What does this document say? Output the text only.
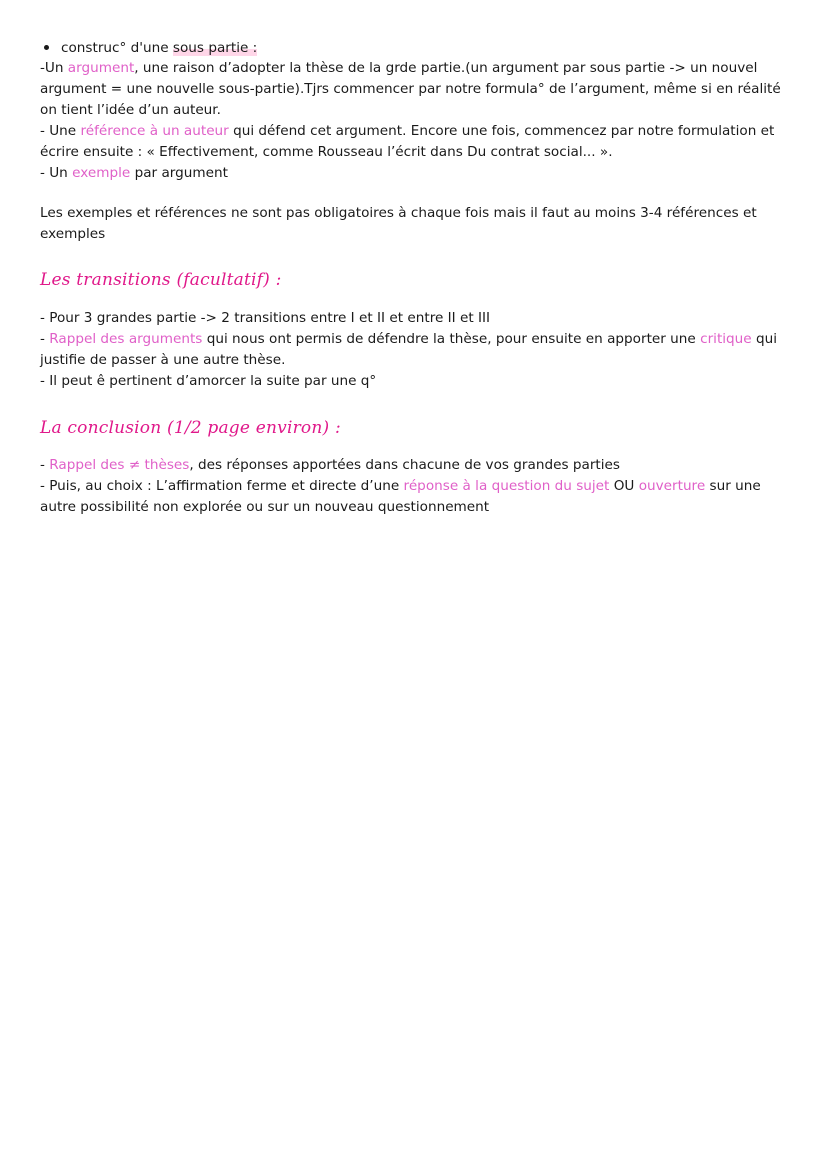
construc° d'une sous partie :

-Un argument, une raison d’adopter la thèse de la grde partie.(un argument par sous partie -> un nouvel argument = une nouvelle sous-partie).Tjrs commencer par notre formula° de l’argument, même si en réalité on tient l’idée d’un auteur.

- Une référence à un auteur qui défend cet argument. Encore une fois, commencez par notre formulation et écrire ensuite : « Effectivement, comme Rousseau l’écrit dans Du contrat social... ».

- Un exemple par argument

Les exemples et références ne sont pas obligatoires à chaque fois mais il faut au moins 3-4 références et exemples

Les transitions (facultatif) :

- Pour 3 grandes partie -> 2 transitions entre I et II et entre II et III

- Rappel des arguments qui nous ont permis de défendre la thèse, pour ensuite en apporter une critique qui justifie de passer à une autre thèse.

- Il peut ê pertinent d’amorcer la suite par une q°

La conclusion (1/2 page environ) :

- Rappel des ≠ thèses, des réponses apportées dans chacune de vos grandes parties

- Puis, au choix : L’affirmation ferme et directe d’une réponse à la question du sujet OU ouverture sur une autre possibilité non explorée ou sur un nouveau questionnement
